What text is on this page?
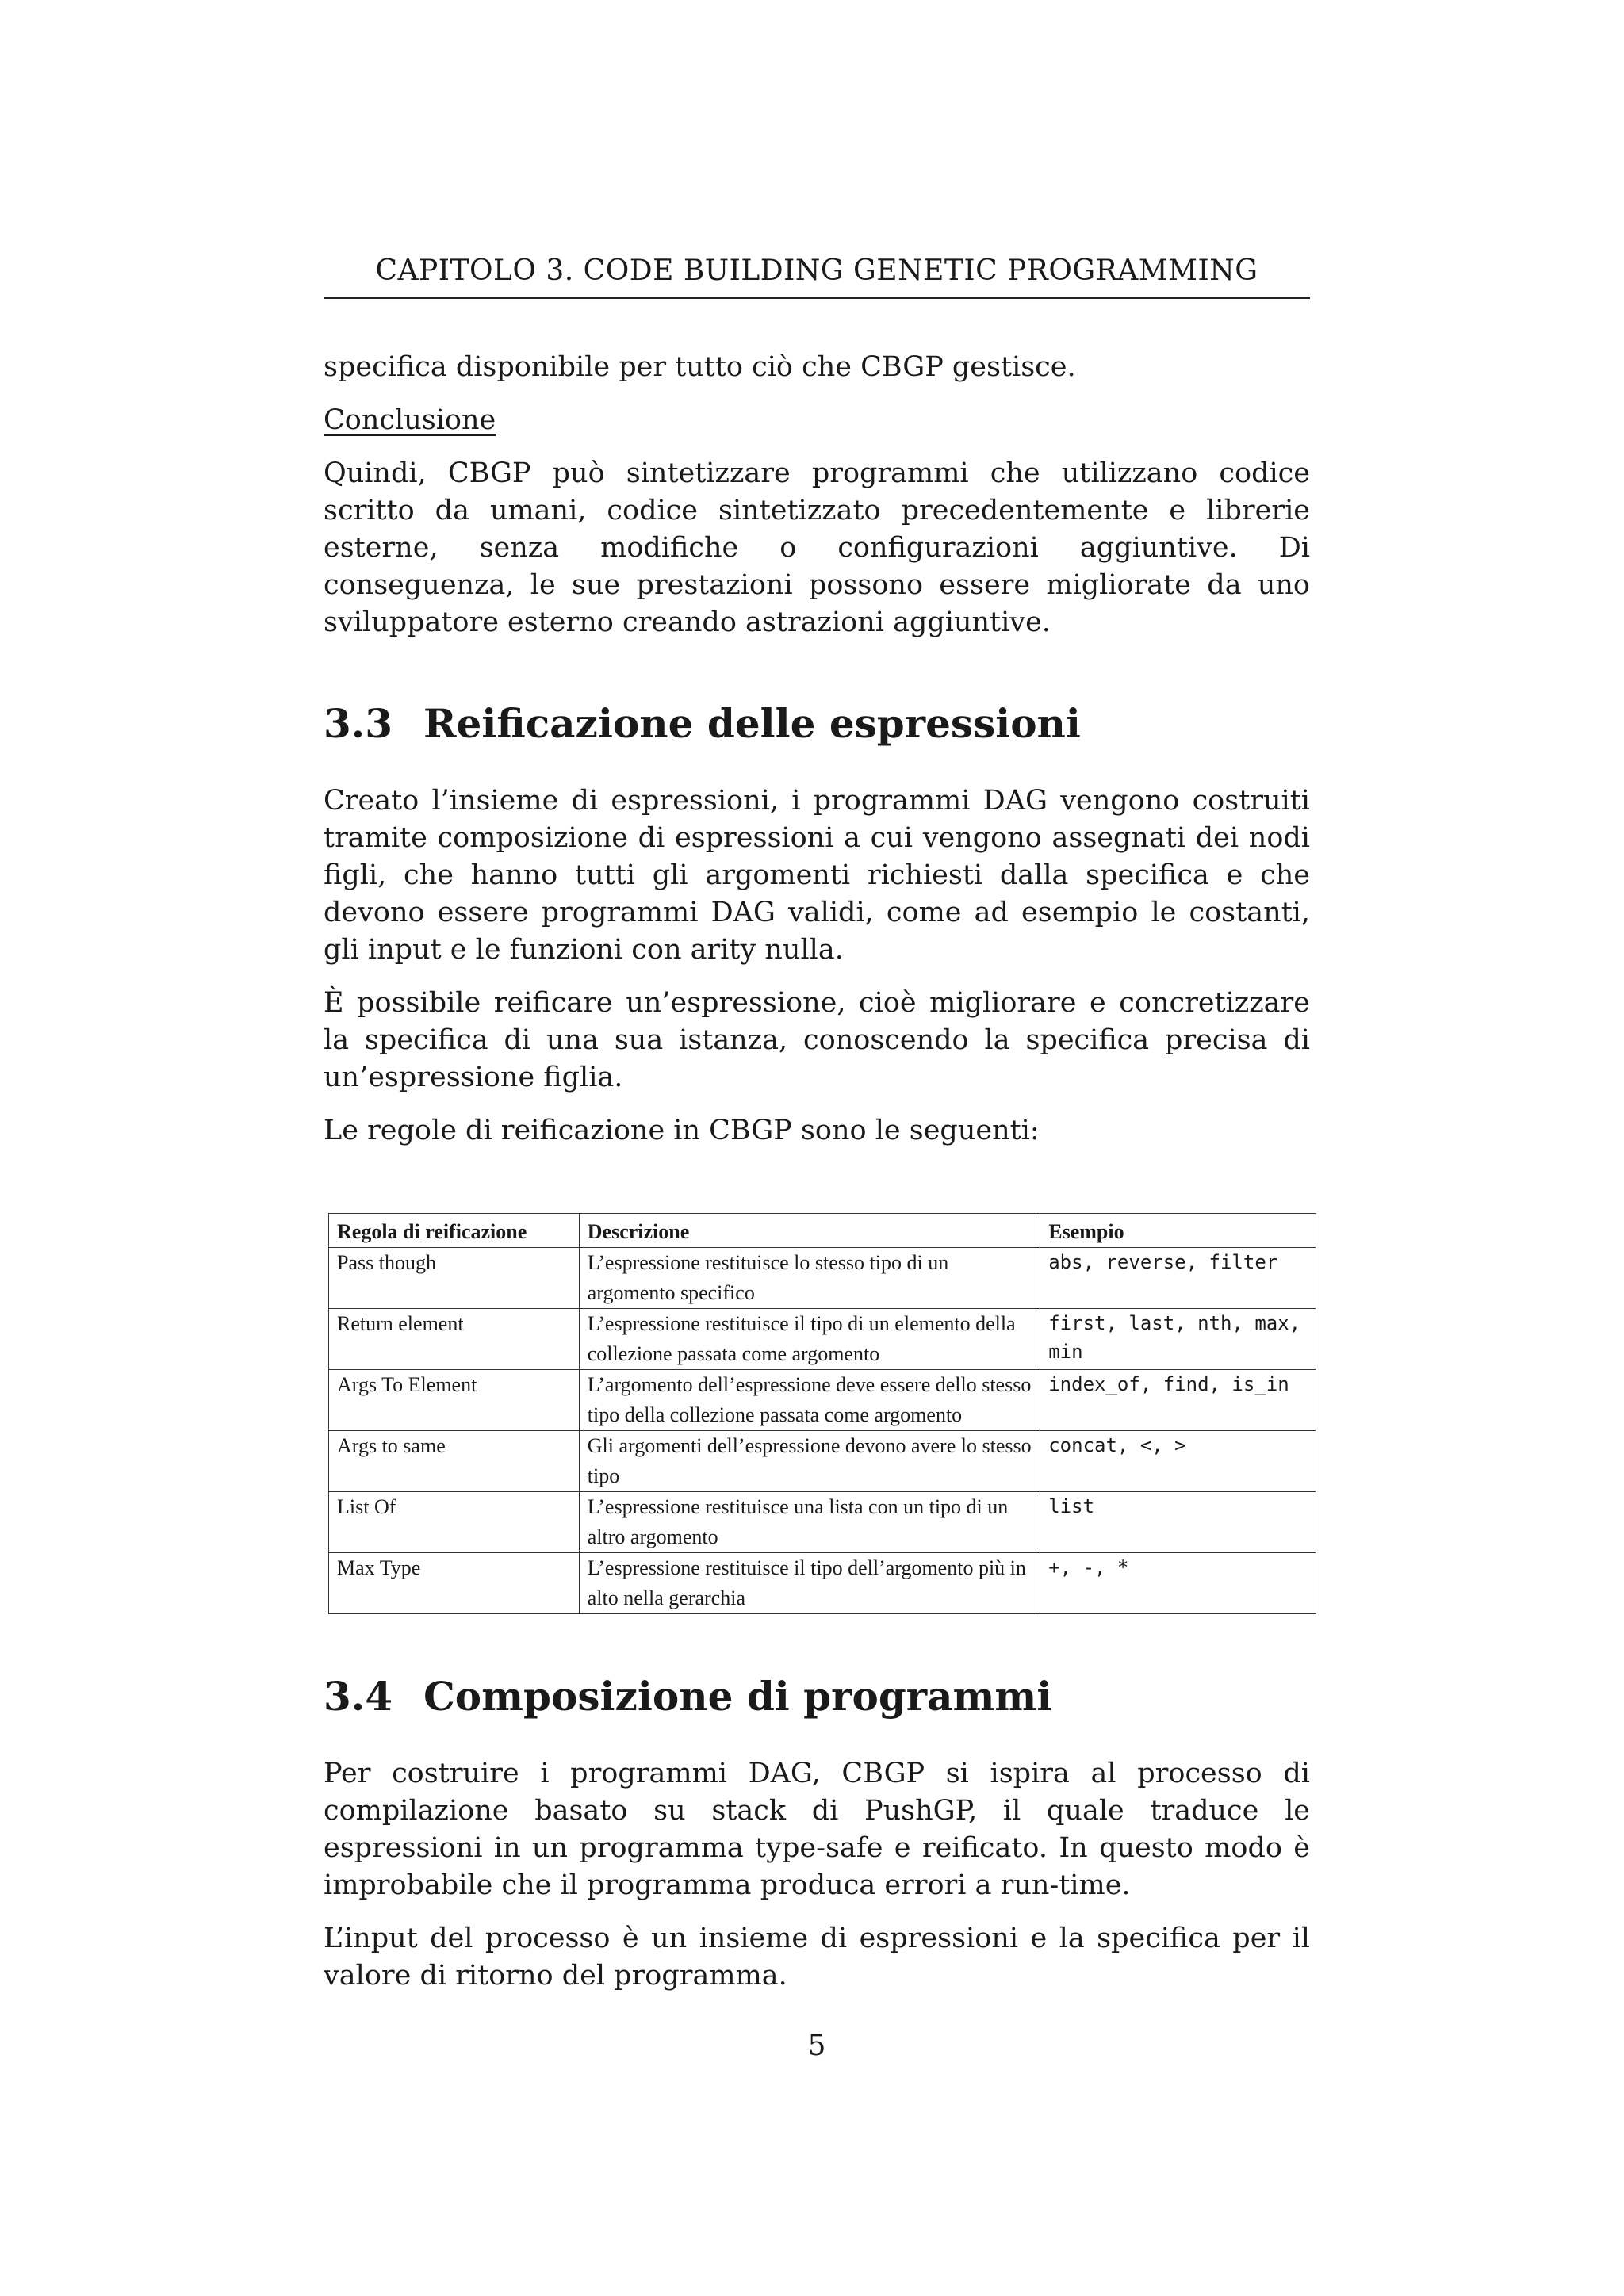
CAPITOLO 3. CODE BUILDING GENETIC PROGRAMMING

specifica disponibile per tutto ciò che CBGP gestisce.

Conclusione

Quindi, CBGP può sintetizzare programmi che utilizzano codice scritto da umani, codice sintetizzato precedentemente e librerie esterne, senza modifiche o configurazioni aggiuntive. Di conseguenza, le sue prestazioni possono essere migliorate da uno sviluppatore esterno creando astrazioni aggiuntive.

3.3 Reificazione delle espressioni

Creato l’insieme di espressioni, i programmi DAG vengono costruiti tramite composizione di espressioni a cui vengono assegnati dei nodi figli, che hanno tutti gli argomenti richiesti dalla specifica e che devono essere programmi DAG validi, come ad esempio le costanti, gli input e le funzioni con arity nulla.

È possibile reificare un’espressione, cioè migliorare e concretizzare la specifica di una sua istanza, conoscendo la specifica precisa di un’espressione figlia.

Le regole di reificazione in CBGP sono le seguenti:

Regola di reificazione	Descrizione	Esempio
Pass though	L’espressione restituisce lo stesso tipo di un argomento specifico	abs, reverse, filter
Return element	L’espressione restituisce il tipo di un elemento della collezione passata come argomento	first, last, nth, max, min
Args To Element	L’argomento dell’espressione deve essere dello stesso tipo della collezione passata come argomento	index_of, find, is_in
Args to same	Gli argomenti dell’espressione devono avere lo stesso tipo	concat, <, >
List Of	L’espressione restituisce una lista con un tipo di un altro argomento	list
Max Type	L’espressione restituisce il tipo dell’argomento più in alto nella gerarchia	+, -, *
3.4 Composizione di programmi

Per costruire i programmi DAG, CBGP si ispira al processo di compilazione basato su stack di PushGP, il quale traduce le espressioni in un programma type-safe e reificato. In questo modo è improbabile che il programma produca errori a run-time.

L’input del processo è un insieme di espressioni e la specifica per il valore di ritorno del programma.

5
